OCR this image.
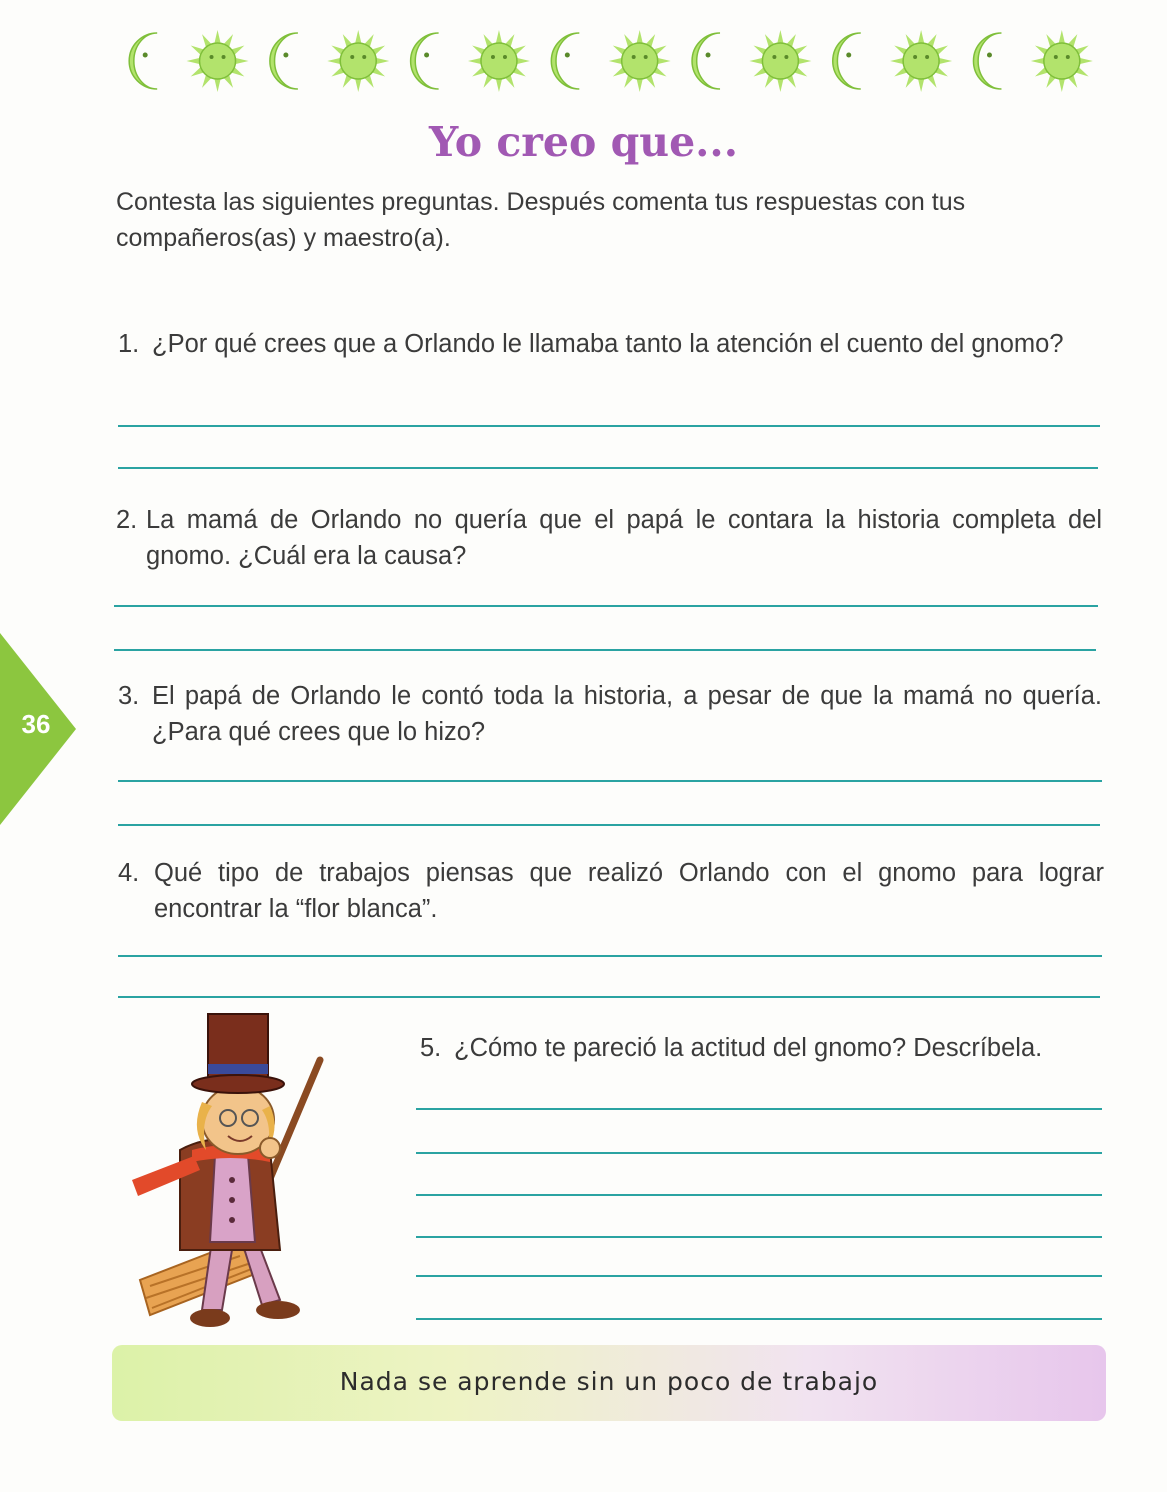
Yo creo que...
Contesta las siguientes preguntas. Después comenta tus respuestas con tus compañeros(as) y maestro(a).
1. ¿Por qué crees que a Orlando le llamaba tanto la atención el cuento del gnomo?
2. La mamá de Orlando no quería que el papá le contara la historia completa del gnomo. ¿Cuál era la causa?
3. El papá de Orlando le contó toda la historia, a pesar de que la mamá no quería. ¿Para qué crees que lo hizo?
4. Qué tipo de trabajos piensas que realizó Orlando con el gnomo para lograr encontrar la “flor blanca”.
5. ¿Cómo te pareció la actitud del gnomo? Descríbela.
36
Nada se aprende sin un poco de trabajo
